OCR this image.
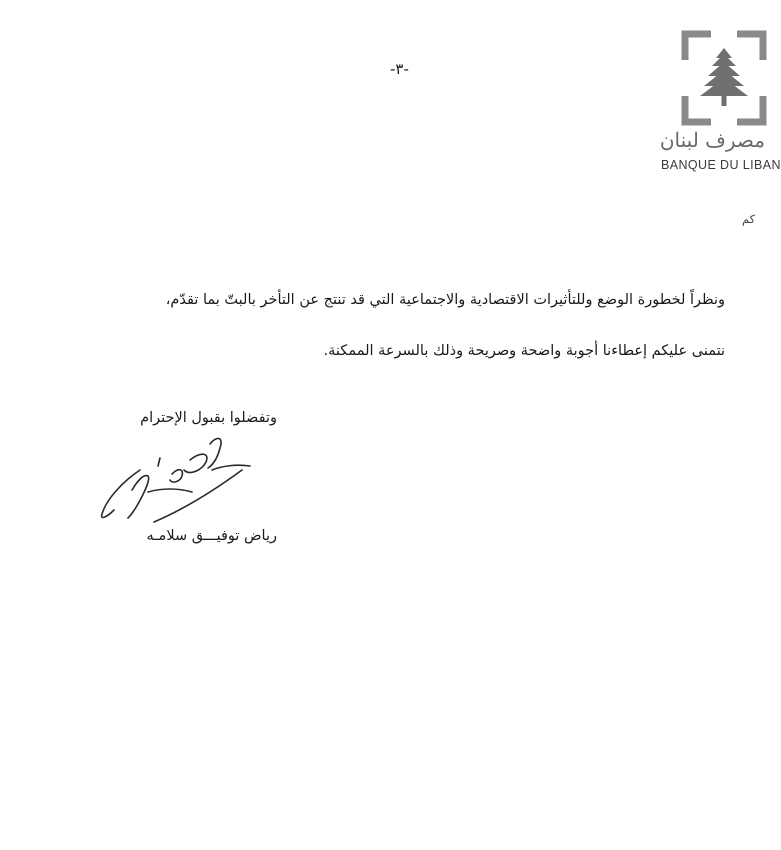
-٣-
مصرف لبنان
BANQUE DU LIBAN
كم
ونظراً لخطورة الوضع وللتأثيرات الاقتصادية والاجتماعية التي قد تنتج عن التأخر بالبتّ بما تقدّم،
نتمنى عليكم إعطاءنا أجوبة واضحة وصريحة وذلك بالسرعة الممكنة.
وتفضلوا بقبول الإحترام
رياض توفيـــق سلامـه
